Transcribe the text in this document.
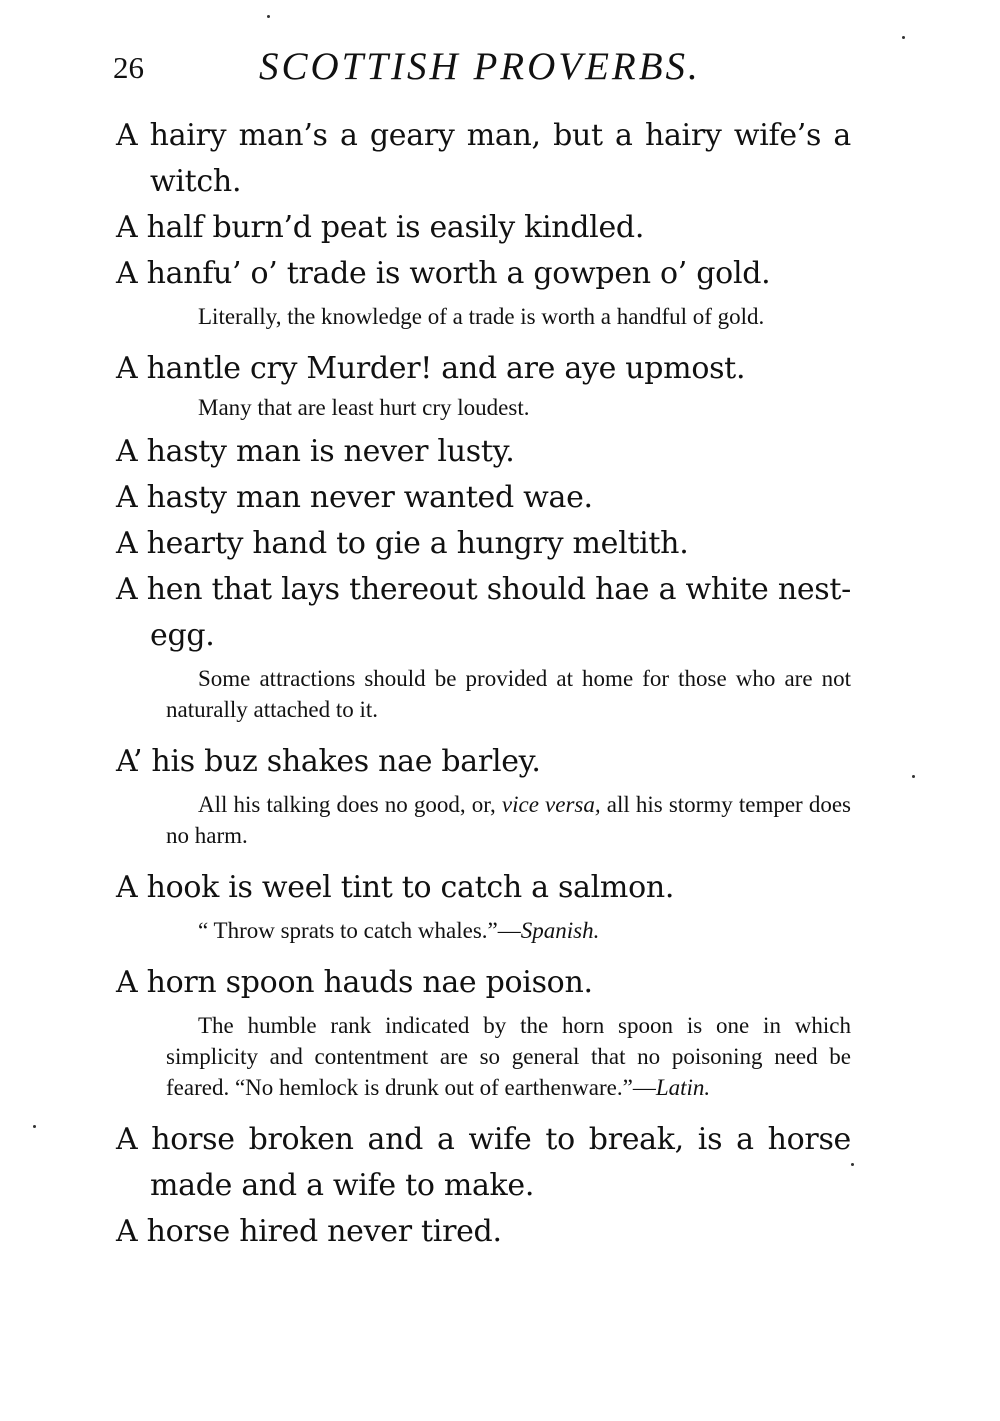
26	SCOTTISH PROVERBS.

A hairy man’s a geary man, but a hairy wife’s a witch.

A half burn’d peat is easily kindled.

A hanfu’ o’ trade is worth a gowpen o’ gold.

Literally, the knowledge of a trade is worth a handful of gold.

A hantle cry Murder! and are aye upmost.

Many that are least hurt cry loudest.

A hasty man is never lusty.

A hasty man never wanted wae.

A hearty hand to gie a hungry meltith.

A hen that lays thereout should hae a white nest-egg.

Some attractions should be provided at home for those who are not naturally attached to it.

A’ his buz shakes nae barley.

All his talking does no good, or, vice versa, all his stormy temper does no harm.

A hook is weel tint to catch a salmon.

“ Throw sprats to catch whales.”—Spanish.

A horn spoon hauds nae poison.

The humble rank indicated by the horn spoon is one in which simplicity and contentment are so general that no poisoning need be feared. “No hemlock is drunk out of earthenware.”—Latin.

A horse broken and a wife to break, is a horse made and a wife to make.

A horse hired never tired.
